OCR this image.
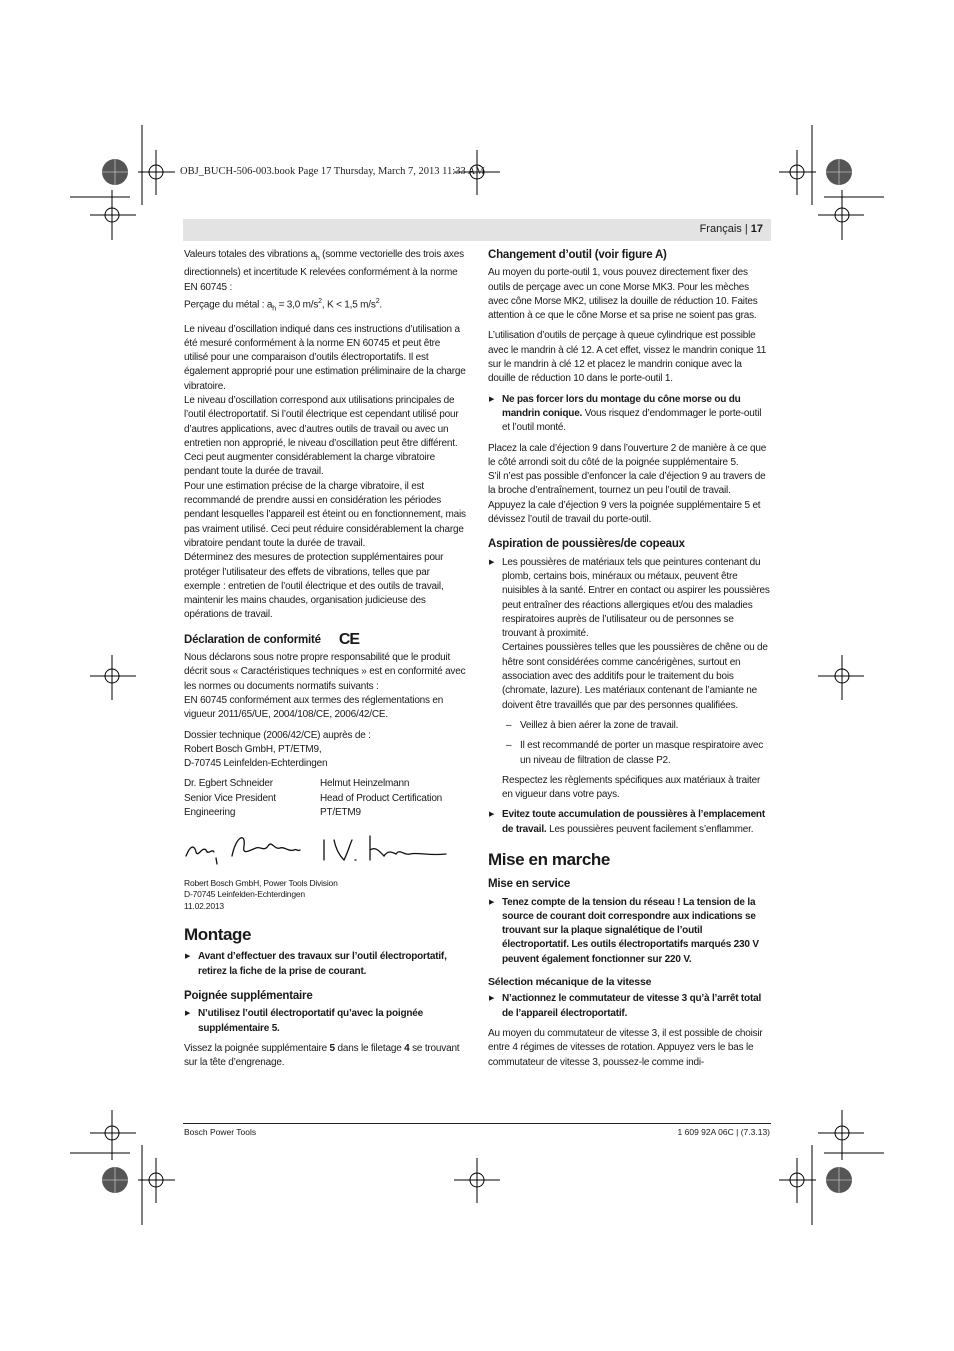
OBJ_BUCH-506-003.book Page 17 Thursday, March 7, 2013 11:33 AM
Français | 17

Valeurs totales des vibrations $a_h$ (somme vectorielle des trois axes directionnels) et incertitude K relevées conformément à la norme EN 60745 :
Perçage du métal : $a_h = 3,0$ $m/s^2$, K < 1,5 $m/s^2$.

Le niveau d’oscillation indiqué dans ces instructions d’utilisation a été mesuré conformément à la norme EN 60745 et peut être utilisé pour une comparaison d’outils électroportatifs. Il est également approprié pour une estimation préliminaire de la charge vibratoire.

Le niveau d’oscillation correspond aux utilisations principales de l’outil électroportatif. Si l’outil électrique est cependant utilisé pour d’autres applications, avec d’autres outils de travail ou avec un entretien non approprié, le niveau d’oscillation peut être différent. Ceci peut augmenter considérablement la charge vibratoire pendant toute la durée de travail.

Pour une estimation précise de la charge vibratoire, il est recommandé de prendre aussi en considération les périodes pendant lesquelles l’appareil est éteint ou en fonctionnement, mais pas vraiment utilisé. Ceci peut réduire considérablement la charge vibratoire pendant toute la durée de travail.

Déterminez des mesures de protection supplémentaires pour protéger l’utilisateur des effets de vibrations, telles que par exemple : entretien de l’outil électrique et des outils de travail, maintenir les mains chaudes, organisation judicieuse des opérations de travail.

Déclaration de conformité CE

Nous déclarons sous notre propre responsabilité que le produit décrit sous « Caractéristiques techniques » est en conformité avec les normes ou documents normatifs suivants :

EN 60745 conformément aux termes des réglementations en vigueur 2011/65/UE, 2004/108/CE, 2006/42/CE.

Dossier technique (2006/42/CE) auprès de :

Robert Bosch GmbH, PT/ETM9,

D-70745 Leinfelden-Echterdingen

Dr. Egbert Schneider
Senior Vice President
Engineering
Helmut Heinzelmann
Head of Product Certification
PT/ETM9

Robert Bosch GmbH, Power Tools Division
D-70745 Leinfelden-Echterdingen
11.02.2013

Montage

▶ Avant d’effectuer des travaux sur l’outil électroportatif, retirez la fiche de la prise de courant.

Poignée supplémentaire

▶ N’utilisez l’outil électroportatif qu’avec la poignée supplémentaire 5.

Vissez la poignée supplémentaire 5 dans le filetage 4 se trouvant sur la tête d’engrenage.

Changement d’outil (voir figure A)

Au moyen du porte-outil 1, vous pouvez directement fixer des outils de perçage avec un cone Morse MK3. Pour les mèches avec cône Morse MK2, utilisez la douille de réduction 10. Faites attention à ce que le cône Morse et sa prise ne soient pas gras.

L’utilisation d’outils de perçage à queue cylindrique est possible avec le mandrin à clé 12. A cet effet, vissez le mandrin conique 11 sur le mandrin à clé 12 et placez le mandrin conique avec la douille de réduction 10 dans le porte-outil 1.

▶ Ne pas forcer lors du montage du cône morse ou du mandrin conique. Vous risquez d’endommager le porte-outil et l’outil monté.

Placez la cale d’éjection 9 dans l’ouverture 2 de manière à ce que le côté arrondi soit du côté de la poignée supplémentaire 5.

S’il n’est pas possible d’enfoncer la cale d’éjection 9 au travers de la broche d’entraînement, tournez un peu l’outil de travail.

Appuyez la cale d’éjection 9 vers la poignée supplémentaire 5 et dévissez l’outil de travail du porte-outil.

Aspiration de poussières/de copeaux

▶ Les poussières de matériaux tels que peintures contenant du plomb, certains bois, minéraux ou métaux, peuvent être nuisibles à la santé. Entrer en contact ou aspirer les poussières peut entraîner des réactions allergiques et/ou des maladies respiratoires auprès de l’utilisateur ou de personnes se trouvant à proximité.

Certaines poussières telles que les poussières de chêne ou de hêtre sont considérées comme cancérigènes, surtout en association avec des additifs pour le traitement du bois (chromate, lazure). Les matériaux contenant de l’amiante ne doivent être travaillés que par des personnes qualifiées.

– Veillez à bien aérer la zone de travail.

– Il est recommandé de porter un masque respiratoire avec un niveau de filtration de classe P2.

Respectez les règlements spécifiques aux matériaux à traiter en vigueur dans votre pays.

▶ Evitez toute accumulation de poussières à l’emplacement de travail. Les poussières peuvent facilement s’enflammer.

Mise en marche
Mise en service

▶ Tenez compte de la tension du réseau ! La tension de la source de courant doit correspondre aux indications se trouvant sur la plaque signalétique de l’outil électroportatif. Les outils électroportatifs marqués 230 V peuvent également fonctionner sur 220 V.

Sélection mécanique de la vitesse

▶ N’actionnez le commutateur de vitesse 3 qu’à l’arrêt total de l’appareil électroportatif.

Au moyen du commutateur de vitesse 3, il est possible de choisir entre 4 régimes de vitesses de rotation. Appuyez vers le bas le commutateur de vitesse 3, poussez-le comme indi-

Bosch Power Tools	1 609 92A 06C | (7.3.13)
